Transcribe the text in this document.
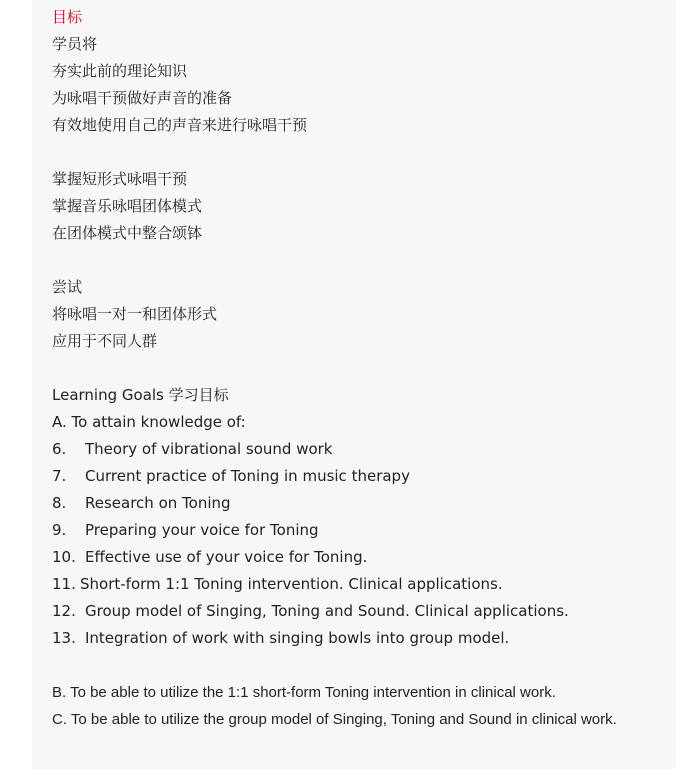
目标
学员将
夯实此前的理论知识
为咏唱干预做好声音的准备
有效地使用自己的声音来进行咏唱干预
掌握短形式咏唱干预
掌握音乐咏唱团体模式
在团体模式中整合颂钵
尝试
将咏唱一对一和团体形式
应用于不同人群
Learning Goals 学习目标
A. To attain knowledge of:
6. Theory of vibrational sound work
7. Current practice of Toning in music therapy
8. Research on Toning
9. Preparing your voice for Toning
10. Effective use of your voice for Toning.
11. Short-form 1:1 Toning intervention. Clinical applications.
12. Group model of Singing, Toning and Sound. Clinical applications.
13. Integration of work with singing bowls into group model.
B. To be able to utilize the 1:1 short-form Toning intervention in clinical work.
C. To be able to utilize the group model of Singing, Toning and Sound in clinical work.
